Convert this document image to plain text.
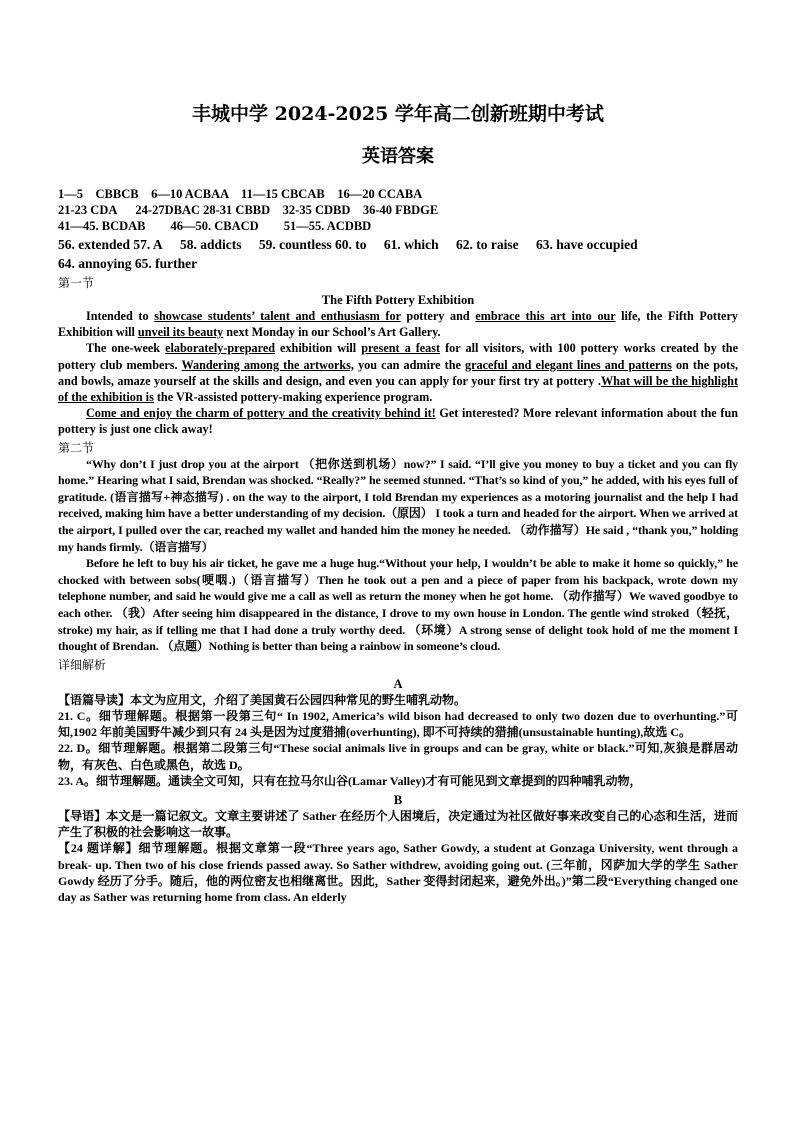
丰城中学 2024-2025 学年高二创新班期中考试
英语答案
1—5    CBBCB    6—10 ACBAA    11—15 CBCAB    16—20 CCABA
21-23 CDA      24-27DBAC 28-31 CBBD    32-35 CDBD    36-40 FBDGE
41—45. BCDAB        46—50. CBACD        51—55. ACDBD
56. extended 57. A 58. addicts 59. countless 60. to 61. which 62. to raise 63. have occupied
64. annoying 65. further
第一节
The Fifth Pottery Exhibition

Intended to showcase students’ talent and enthusiasm for pottery and embrace this art into our life, the Fifth Pottery Exhibition will unveil its beauty next Monday in our School’s Art Gallery.

The one-week elaborately-prepared exhibition will present a feast for all visitors, with 100 pottery works created by the pottery club members. Wandering among the artworks, you can admire the graceful and elegant lines and patterns on the pots, and bowls, amaze yourself at the skills and design, and even you can apply for your first try at pottery .What will be the highlight of the exhibition is the VR-assisted pottery-making experience program.

Come and enjoy the charm of pottery and the creativity behind it! Get interested? More relevant information about the fun pottery is just one click away!

第二节

“Why don’t I just drop you at the airport （把你送到机场）now?” I said. “I’ll give you money to buy a ticket and you can fly home.” Hearing what I said, Brendan was shocked. “Really?” he seemed stunned. “That’s so kind of you,” he added, with his eyes full of gratitude. (语言描写+神态描写) . on the way to the airport, I told Brendan my experiences as a motoring journalist and the help I had received, making him have a better understanding of my decision.（原因） I took a turn and headed for the airport. When we arrived at the airport, I pulled over the car, reached my wallet and handed him the money he needed. （动作描写）He said , “thank you,” holding my hands firmly.（语言描写）

Before he left to buy his air ticket, he gave me a huge hug.“Without your help, I wouldn’t be able to make it home so quickly,” he chocked with between sobs(哽咽.)（语言描写）Then he took out a pen and a piece of paper from his backpack, wrote down my telephone number, and said he would give me a call as well as return the money when he got home. （动作描写）We waved goodbye to each other. （我）After seeing him disappeared in the distance, I drove to my own house in London. The gentle wind stroked（轻抚，stroke) my hair, as if telling me that I had done a truly worthy deed. （环境）A strong sense of delight took hold of me the moment I thought of Brendan. （点题）Nothing is better than being a rainbow in someone’s cloud.

详细解析
A

【语篇导读】本文为应用文，介绍了美国黄石公园四种常见的野生哺乳动物。

21. C。细节理解题。根据第一段第三句“ In 1902, America’s wild bison had decreased to only two dozen due to overhunting.”可知,1902 年前美国野牛减少到只有 24 头是因为过度猎捕(overhunting), 即不可持续的猎捕(unsustainable hunting),故选 C。

22. D。细节理解题。根据第二段第三句“These social animals live in groups and can be gray, white or black.”可知,灰狼是群居动物，有灰色、白色或黑色，故选 D。

23. A。细节理解题。通读全文可知，只有在拉马尔山谷(Lamar Valley)才有可能见到文章提到的四种哺乳动物，

B

【导语】本文是一篇记叙文。文章主要讲述了 Sather 在经历个人困境后，决定通过为社区做好事来改变自己的心态和生活，进而产生了积极的社会影响这一故事。

【24 题详解】细节理解题。根据文章第一段“Three years ago, Sather Gowdy, a student at Gonzaga University, went through a break- up. Then two of his close friends passed away. So Sather withdrew, avoiding going out. (三年前，冈萨加大学的学生 Sather Gowdy 经历了分手。随后，他的两位密友也相继离世。因此，Sather 变得封闭起来，避免外出。)”第二段“Everything changed one day as Sather was returning home from class. An elderly
